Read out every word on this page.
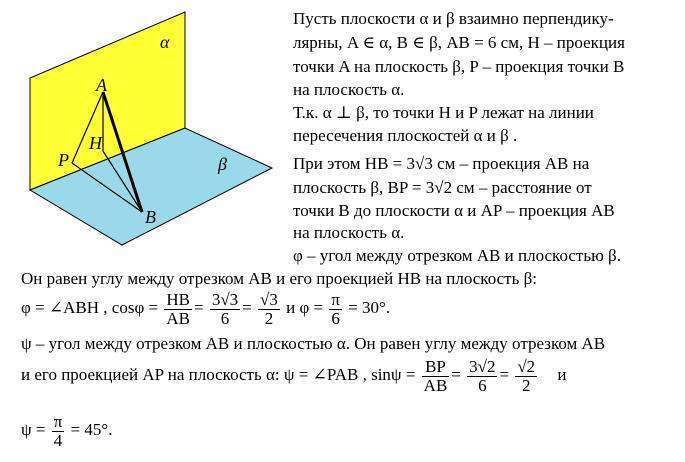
α
β
A
H
P
B
Пусть плоскости α и β взаимно перпендику-
лярны, A ∈ α, B ∈ β, AB = 6 см, H – проекция
точки A на плоскость β, P – проекция точки B
на плоскость α.
Т.к. α ⊥ β, то точки H и P лежат на линии
пересечения плоскостей α и β .
При этом HB = 3√3 см – проекция AB на
плоскость β, BP = 3√2 см – расстояние от
точки B до плоскости α и AP – проекция AB
на плоскость α.
φ – угол между отрезком AB и плоскостью β.
Он равен углу между отрезком AB и его проекцией HB на плоскость β:
φ = ∠ABH , $\cos\varphi = \frac{HB}{AB} = \frac{3√3}{6} = \frac{√3}{2}$ и $\varphi = \frac{\pi}{6} = 30^\circ$.
ψ – угол между отрезком AB и плоскостью α. Он равен углу между отрезком AB
и его проекцией AP на плоскость α: ψ = ∠PAB , $\sin\psi = \frac{BP}{AB} = \frac{3√2}{6} = \frac{√2}{2}$ и
$\psi = \frac{\pi}{4} = 45^\circ$.
